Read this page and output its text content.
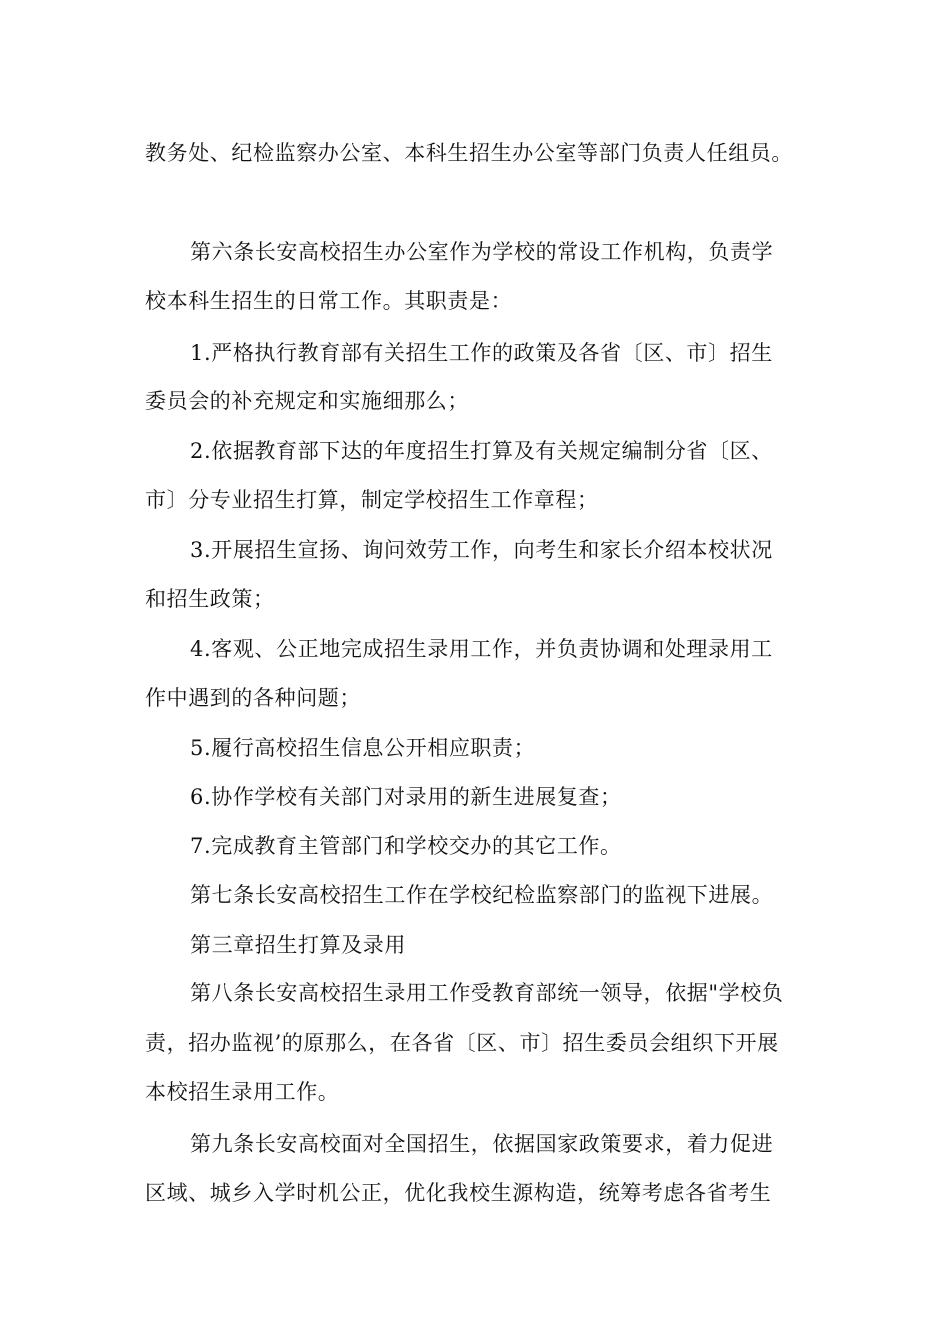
教务处、纪检监察办公室、本科生招生办公室等部门负责人任组员。
第六条长安高校招生办公室作为学校的常设工作机构，负责学
校本科生招生的日常工作。其职责是：
1.严格执行教育部有关招生工作的政策及各省〔区、市〕招生
委员会的补充规定和实施细那么；
2.依据教育部下达的年度招生打算及有关规定编制分省〔区、
市〕分专业招生打算，制定学校招生工作章程；
3.开展招生宣扬、询问效劳工作，向考生和家长介绍本校状况
和招生政策；
4.客观、公正地完成招生录用工作，并负责协调和处理录用工
作中遇到的各种问题；
5.履行高校招生信息公开相应职责；
6.协作学校有关部门对录用的新生进展复查；
7.完成教育主管部门和学校交办的其它工作。
第七条长安高校招生工作在学校纪检监察部门的监视下进展。
第三章招生打算及录用
第八条长安高校招生录用工作受教育部统一领导，依据"学校负
责，招办监视’的原那么，在各省〔区、市〕招生委员会组织下开展
本校招生录用工作。
第九条长安高校面对全国招生，依据国家政策要求，着力促进
区域、城乡入学时机公正，优化我校生源构造，统筹考虑各省考生
